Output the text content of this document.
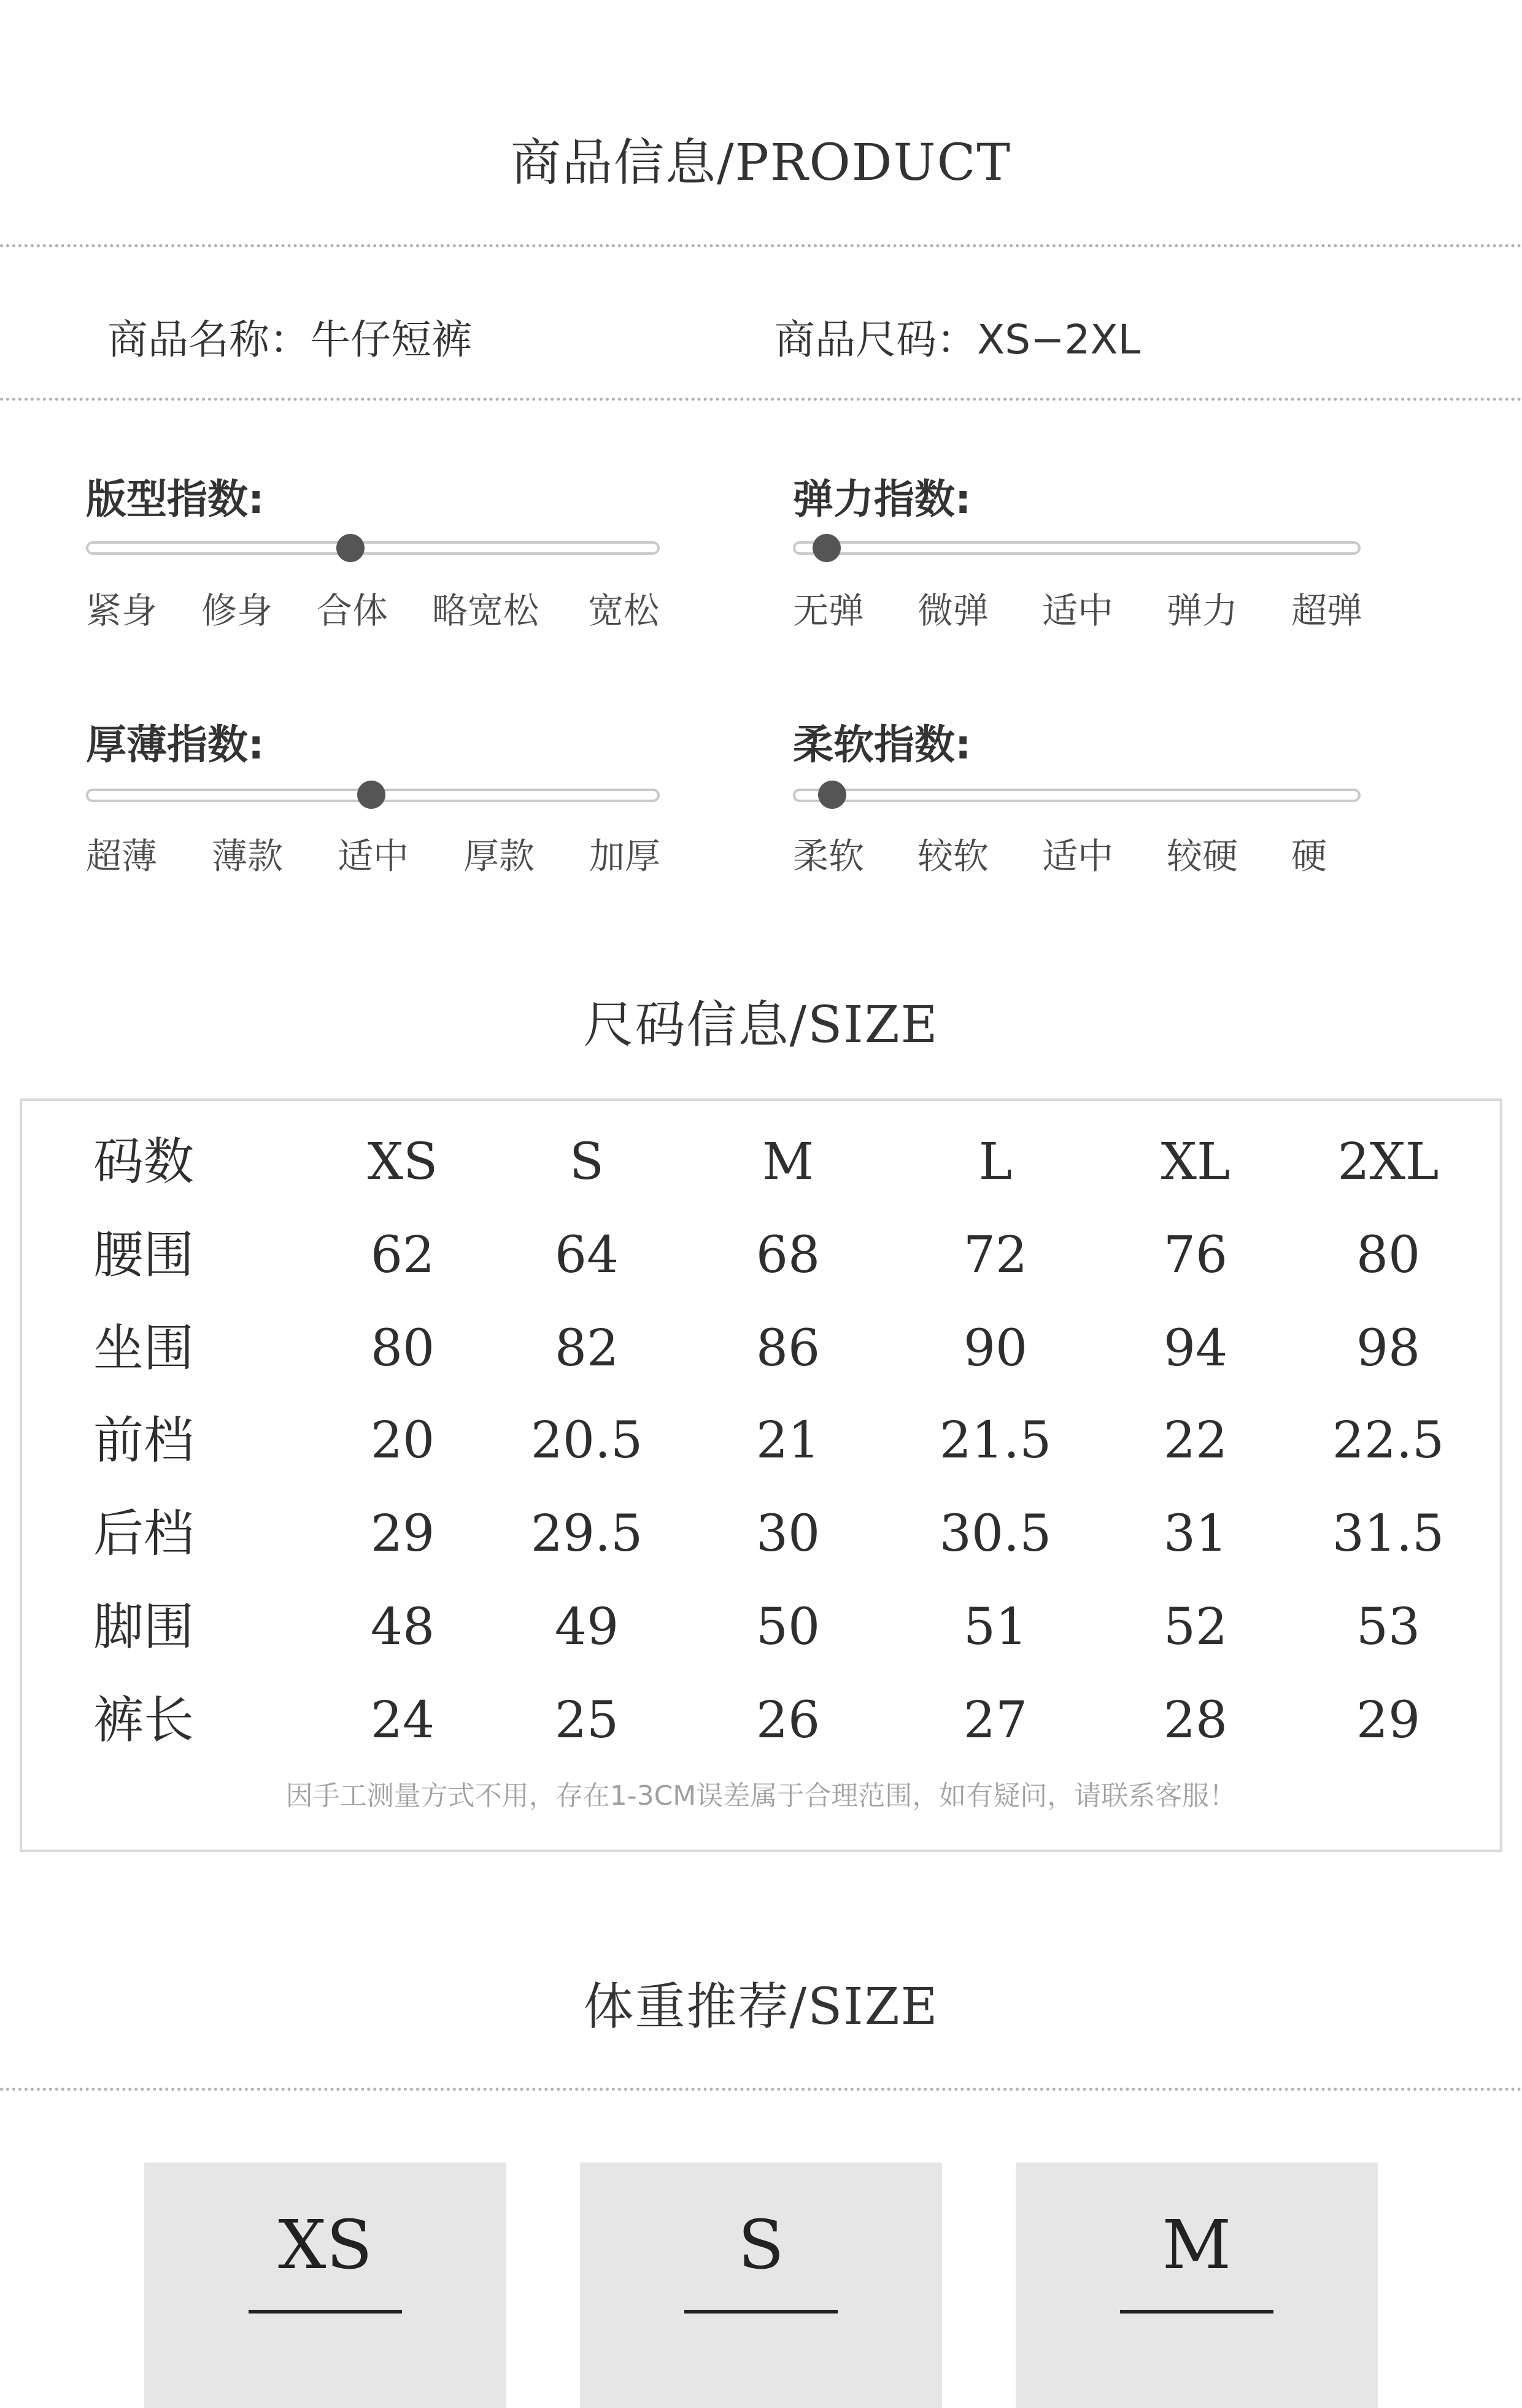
商品信息/PRODUCT
商品名称：牛仔短裤	商品尺码：XS−2XL
版型指数:
紧身	修身	合体	略宽松	宽松
弹力指数:
无弹	微弹	适中	弹力	超弹
厚薄指数:
超薄	薄款	适中	厚款	加厚
柔软指数:
柔软	较软	适中	较硬	硬
尺码信息/SIZE
码数	XS	S	M	L	XL	2XL
腰围	62	64	68	72	76	80
坐围	80	82	86	90	94	98
前档	20	20.5	21	21.5	22	22.5
后档	29	29.5	30	30.5	31	31.5
脚围	48	49	50	51	52	53
裤长	24	25	26	27	28	29
因手工测量方式不用，存在1-3CM误差属于合理范围，如有疑问，请联系客服！
体重推荐/SIZE
XS	S	M
